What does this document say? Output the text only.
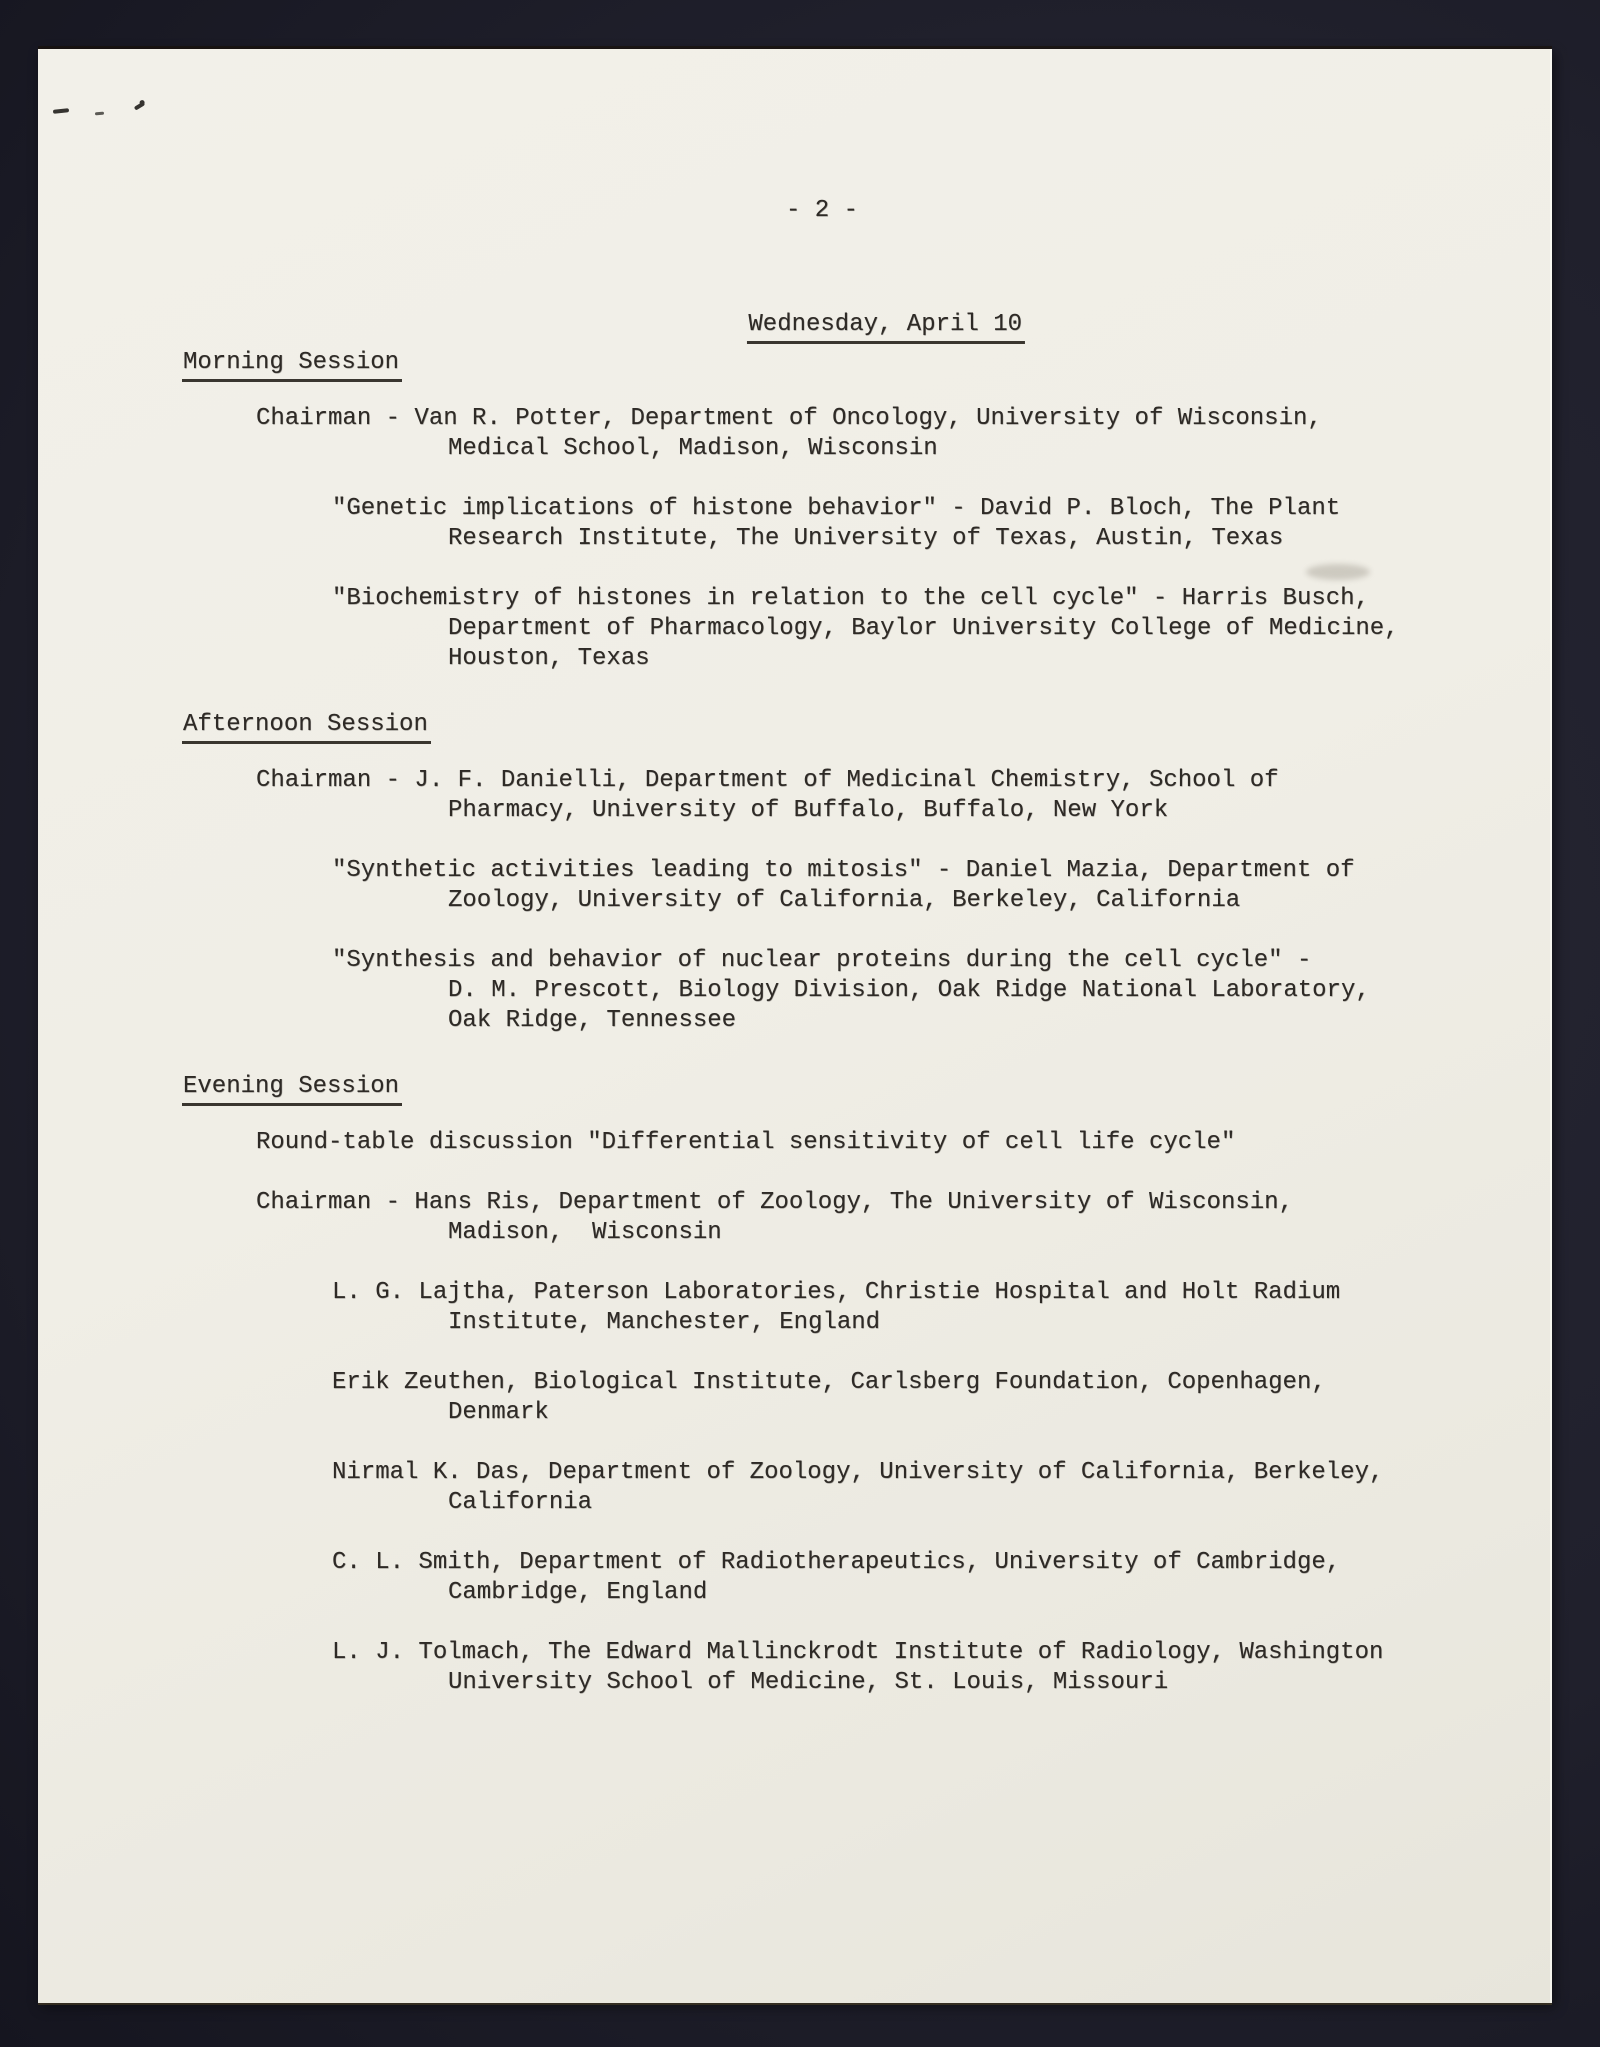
- 2 -

Wednesday, April 10

Morning Session
Chairman - Van R. Potter, Department of Oncology, University of Wisconsin,
Medical School, Madison, Wisconsin
"Genetic implications of histone behavior" - David P. Bloch, The Plant
Research Institute, The University of Texas, Austin, Texas
"Biochemistry of histones in relation to the cell cycle" - Harris Busch,
Department of Pharmacology, Baylor University College of Medicine,
Houston, Texas
Afternoon Session
Chairman - J. F. Danielli, Department of Medicinal Chemistry, School of
Pharmacy, University of Buffalo, Buffalo, New York
"Synthetic activities leading to mitosis" - Daniel Mazia, Department of
Zoology, University of California, Berkeley, California
"Synthesis and behavior of nuclear proteins during the cell cycle" -
D. M. Prescott, Biology Division, Oak Ridge National Laboratory,
Oak Ridge, Tennessee
Evening Session
Round-table discussion "Differential sensitivity of cell life cycle"
Chairman - Hans Ris, Department of Zoology, The University of Wisconsin,
Madison,  Wisconsin
L. G. Lajtha, Paterson Laboratories, Christie Hospital and Holt Radium
Institute, Manchester, England
Erik Zeuthen, Biological Institute, Carlsberg Foundation, Copenhagen,
Denmark
Nirmal K. Das, Department of Zoology, University of California, Berkeley,
California
C. L. Smith, Department of Radiotherapeutics, University of Cambridge,
Cambridge, England
L. J. Tolmach, The Edward Mallinckrodt Institute of Radiology, Washington
University School of Medicine, St. Louis, Missouri
